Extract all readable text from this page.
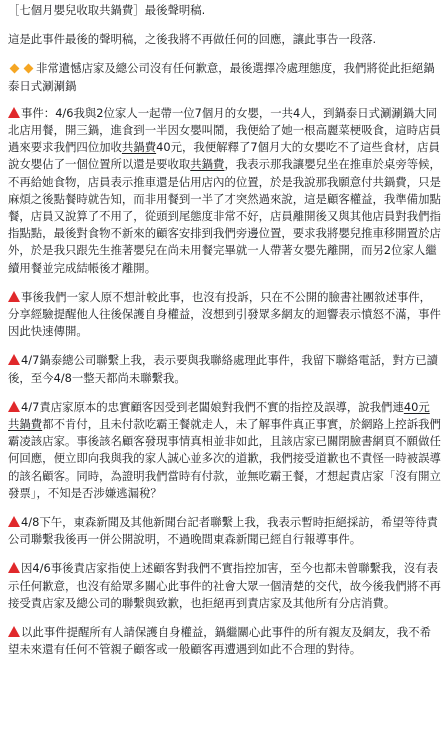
［七個月嬰兒收取共鍋費］最後聲明稿.

這是此事件最後的聲明稿，之後我將不再做任何的回應，讓此事告一段落.

非常遺憾店家及總公司沒有任何歉意，最後選擇冷處理態度，我們將從此拒絕鍋泰日式涮涮鍋

事件：4/6我與2位家人一起帶一位7個月的女嬰，一共4人，到鍋泰日式涮涮鍋大同北店用餐，開三鍋，進食到一半因女嬰叫鬧，我便給了她一根高麗菜梗吸食，這時店員過來要求我們四位加收共鍋費40元，我便解釋了7個月大的女嬰吃不了這些食材，店員說女嬰佔了一個位置所以還是要收取共鍋費，我表示那我讓嬰兒坐在推車於桌旁等候，不再給她食物，店員表示推車還是佔用店內的位置，於是我說那我願意付共鍋費，只是麻煩之後點餐時就告知，而非用餐到一半了才突然過來說，這是顧客權益，我準備加點餐，店員又說算了不用了，從頭到尾態度非常不好，店員離開後又與其他店員對我們指指點點，最後對食物不新來的顧客安排到我們旁邊位置，要求我將嬰兒推車移開置於店外，於是我只跟先生推著嬰兒在尚未用餐完畢就一人帶著女嬰先離開，而另2位家人繼續用餐並完成結帳後才離開。

事後我們一家人原不想計較此事，也沒有投訴，只在不公開的臉書社團敘述事件，分享經驗提醒他人往後保護自身權益，沒想到引發眾多網友的迴響表示憤怒不滿，事件因此快速傳開。

4/7鍋泰總公司聯繫上我，表示要與我聯絡處理此事件，我留下聯絡電話，對方已讀後，至今4/8一整天都尚未聯繫我。

4/7責店家原本的忠實顧客因受到老闆娘對我們不實的指控及誤導，說我們連40元共鍋費都不肯付，且未付款吃霸王餐就走人，未了解事件真正事實，於網路上控訴我們霸凌該店家。事後該名顧客發現事情真相並非如此，且該店家已關閉臉書網頁不願做任何回應，便立即向我與我的家人誠心並多次的道歉，我們接受道歉也不責怪一時被誤導的該名顧客。同時，為證明我們當時有付款，並無吃霸王餐，才想起責店家「沒有開立發票」，不知是否涉嫌逃漏稅？

4/8下午，東森新聞及其他新聞台記者聯繫上我，我表示暫時拒絕採訪，希望等待責公司聯繫我後再一併公開說明，不過晚間東森新聞已經自行報導事件。

因4/6事後責店家指使上述顧客對我們不實指控加害，至今也都未曾聯繫我，沒有表示任何歉意，也沒有給眾多關心此事件的社會大眾一個清楚的交代，故今後我們將不再接受責店家及總公司的聯繫與致歉，也拒絕再到責店家及其他所有分店消費。

以此事件提醒所有人請保護自身權益，鍋繼關心此事件的所有親友及網友，我不希望未來還有任何不管親子顧客或一般顧客再遭遇到如此不合理的對待。
